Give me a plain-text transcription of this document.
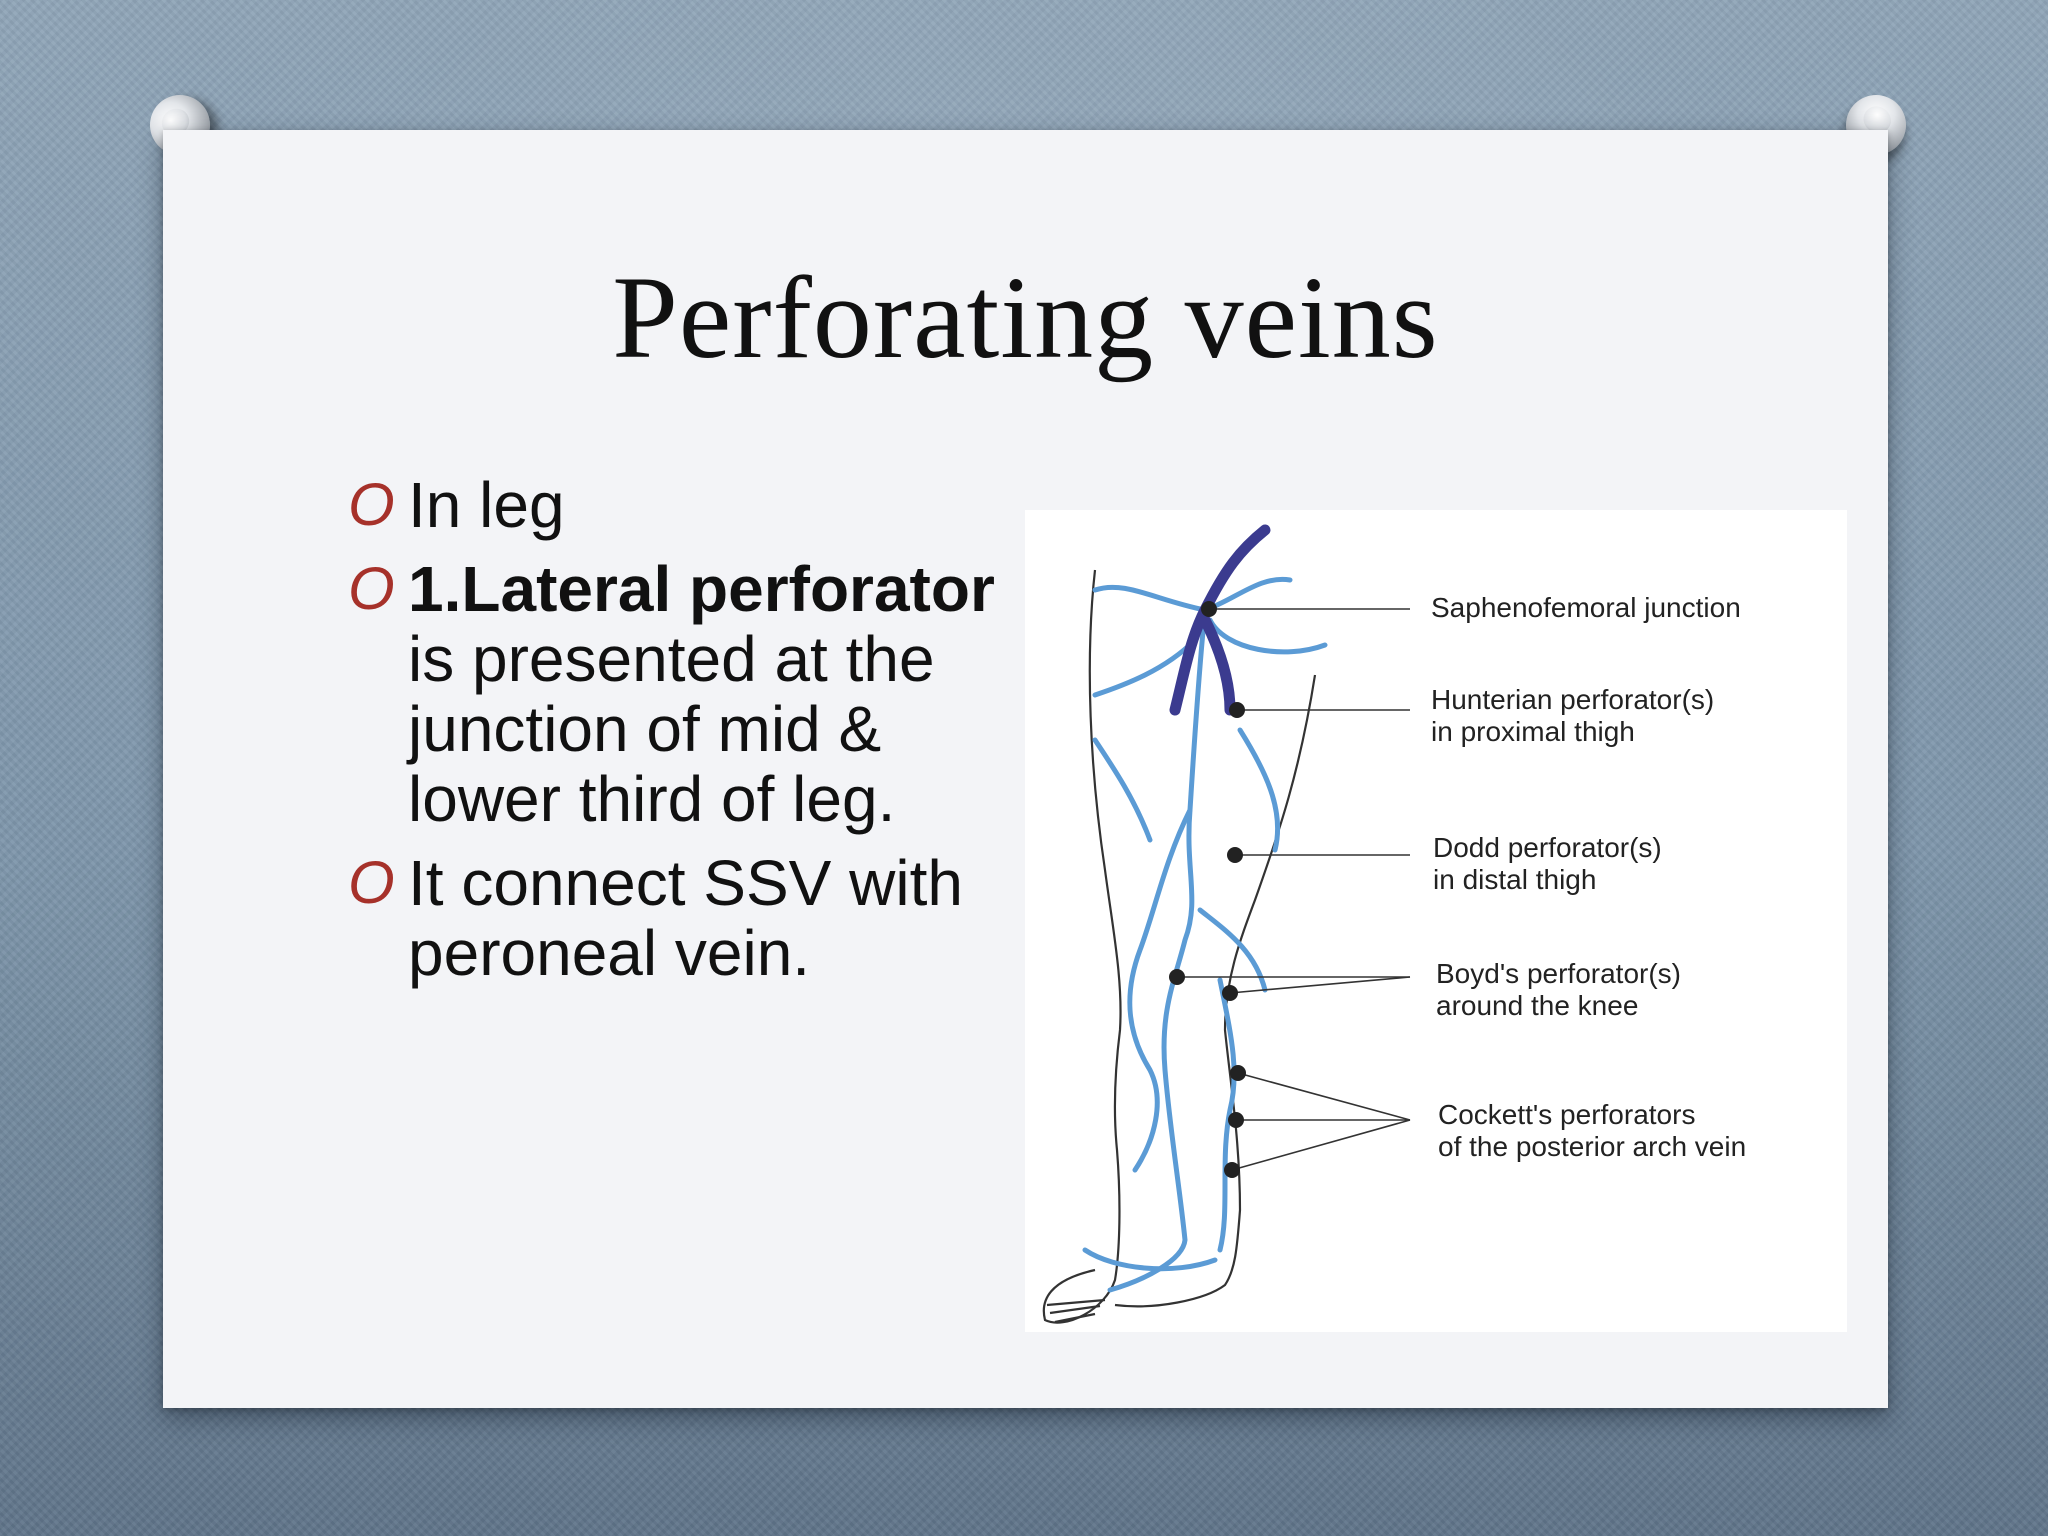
Perforating veins
O In leg
O 1.Lateral perforator is presented at the junction of mid & lower third of leg.
O It connect SSV with peroneal vein.
Saphenofemoral junction
Hunterian perforator(s)
in proximal thigh
Dodd perforator(s)
in distal thigh
Boyd's perforator(s)
around the knee
Cockett's perforators
of the posterior arch vein
